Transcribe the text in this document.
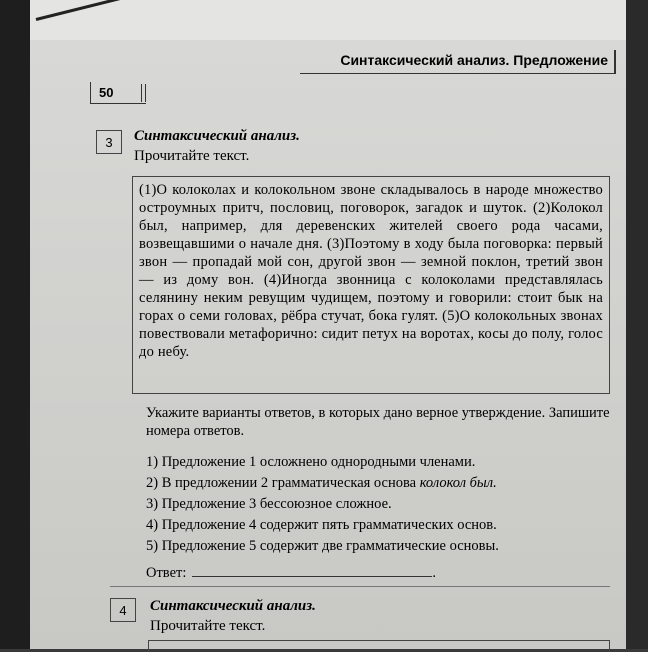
Синтаксический анализ. Предложение
50
3	Синтаксический анализ.
Прочитайте текст.
(1)О колоколах и колокольном звоне складывалось в народе множество остроумных притч, пословиц, поговорок, загадок и шуток. (2)Колокол был, например, для деревенских жителей своего рода часами, возвещавшими о начале дня. (3)Поэтому в ходу была поговорка: первый звон — пропадай мой сон, другой звон — земной поклон, третий звон — из дому вон. (4)Иногда звонница с колоколами представлялась селянину неким ревущим чудищем, поэтому и говорили: стоит бык на горах о семи головах, рёбра стучат, бока гулят. (5)О колокольных звонах повествовали метафорично: сидит петух на воротах, косы до полу, голос до небу.
Укажите варианты ответов, в которых дано верное утверждение. Запишите номера ответов.
1) Предложение 1 осложнено однородными членами.
2) В предложении 2 грамматическая основа колокол был.
3) Предложение 3 бессоюзное сложное.
4) Предложение 4 содержит пять грамматических основ.
5) Предложение 5 содержит две грамматические основы.
Ответ:	.
4	Синтаксический анализ.
Прочитайте текст.
